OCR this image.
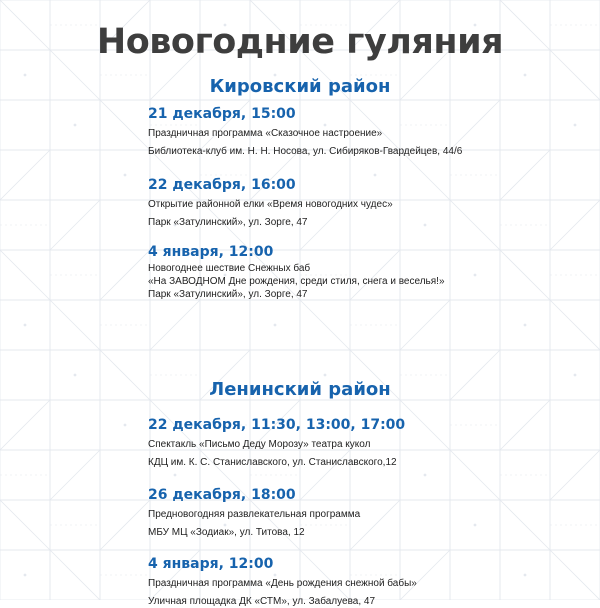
Новогодние гуляния
Кировский район
21 декабря, 15:00
Праздничная программа «Сказочное настроение»
Библиотека-клуб им. Н. Н. Носова, ул. Сибиряков-Гвардейцев, 44/6
22 декабря, 16:00
Открытие районной елки «Время новогодних чудес»
Парк «Затулинский», ул. Зорге, 47
4 января, 12:00
Новогоднее шествие Снежных баб
«На ЗАВОДНОМ Дне рождения, среди стиля, снега и веселья!»
Парк «Затулинский», ул. Зорге, 47
Ленинский район
22 декабря, 11:30, 13:00, 17:00
Спектакль «Письмо Деду Морозу» театра кукол
КДЦ им. К. С. Станиславского, ул. Станиславского,12
26 декабря, 18:00
Предновогодняя развлекательная программа
МБУ МЦ «Зодиак», ул. Титова, 12
4 января, 12:00
Праздничная программа «День рождения снежной бабы»
Уличная площадка ДК «СТМ», ул. Забалуева, 47
